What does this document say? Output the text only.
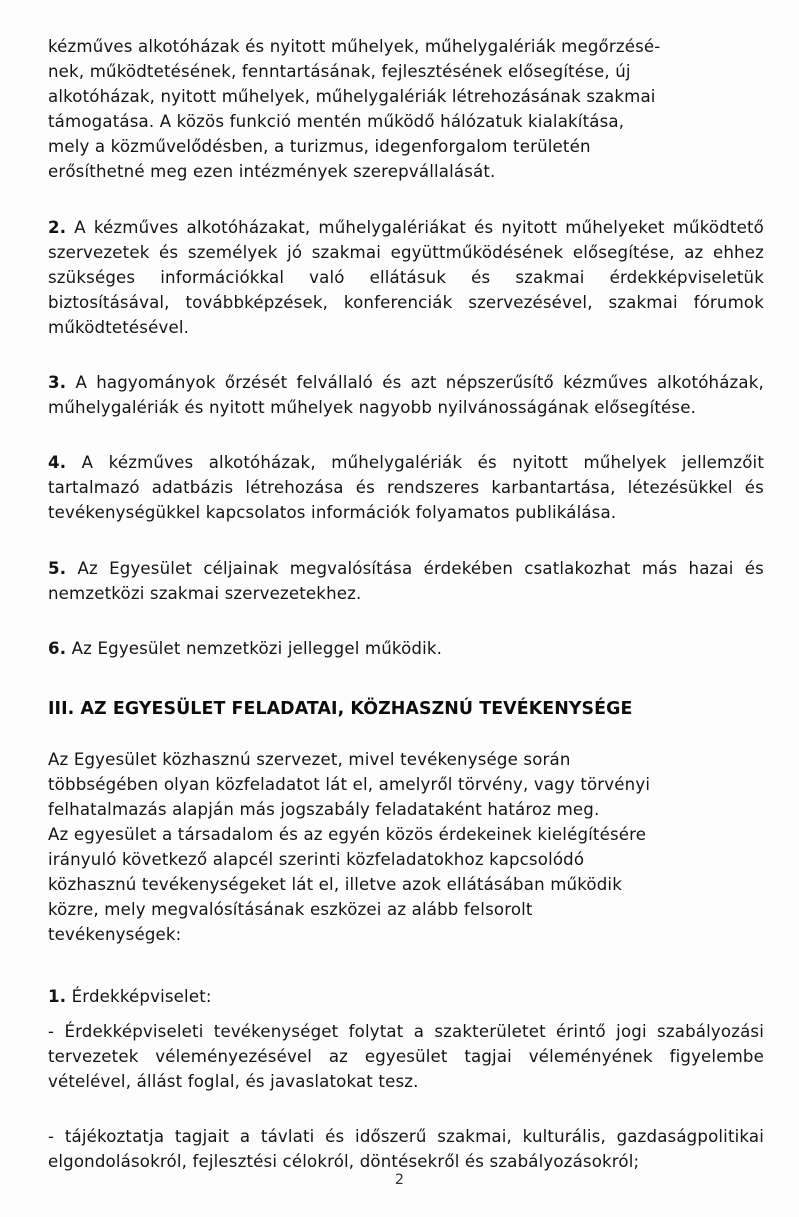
kézműves alkotóházak és nyitott műhelyek, műhelygalériák megőrzésé-
nek, működtetésének, fenntartásának, fejlesztésének elősegítése, új
alkotóházak, nyitott műhelyek, műhelygalériák létrehozásának szakmai
támogatása. A közös funkció mentén működő hálózatuk kialakítása,
mely a közművelődésben, a turizmus, idegenforgalom területén
erősíthetné meg ezen intézmények szerepvállalását.

2. A kézműves alkotóházakat, műhelygalériákat és nyitott műhelyeket működtető szervezetek és személyek jó szakmai együttműködésének elősegítése, az ehhez szükséges információkkal való ellátásuk és szakmai érdekképviseletük biztosításával, továbbképzések, konferenciák szervezésével, szakmai fórumok működtetésével.

3. A hagyományok őrzését felvállaló és azt népszerűsítő kézműves alkotóházak, műhelygalériák és nyitott műhelyek nagyobb nyilvánosságának elősegítése.

4. A kézműves alkotóházak, műhelygalériák és nyitott műhelyek jellemzőit tartalmazó adatbázis létrehozása és rendszeres karbantartása, létezésükkel és tevékenységükkel kapcsolatos információk folyamatos publikálása.

5. Az Egyesület céljainak megvalósítása érdekében csatlakozhat más hazai és nemzetközi szakmai szervezetekhez.

6. Az Egyesület nemzetközi jelleggel működik.

III. AZ EGYESÜLET FELADATAI, KÖZHASZNÚ TEVÉKENYSÉGE

Az Egyesület közhasznú szervezet, mivel tevékenysége során
többségében olyan közfeladatot lát el, amelyről törvény, vagy törvényi
felhatalmazás alapján más jogszabály feladataként határoz meg.
Az egyesület a társadalom és az egyén közös érdekeinek kielégítésére
irányuló következő alapcél szerinti közfeladatokhoz kapcsolódó
közhasznú tevékenységeket lát el, illetve azok ellátásában működik
közre, mely megvalósításának eszközei az alább felsorolt
tevékenységek:

1. Érdekképviselet:

- Érdekképviseleti tevékenységet folytat a szakterületet érintő jogi szabályozási tervezetek véleményezésével az egyesület tagjai véleményének figyelembe vételével, állást foglal, és javaslatokat tesz.

- tájékoztatja tagjait a távlati és időszerű szakmai, kulturális, gazdaságpolitikai elgondolásokról, fejlesztési célokról, döntésekről és szabályozásokról;

2
